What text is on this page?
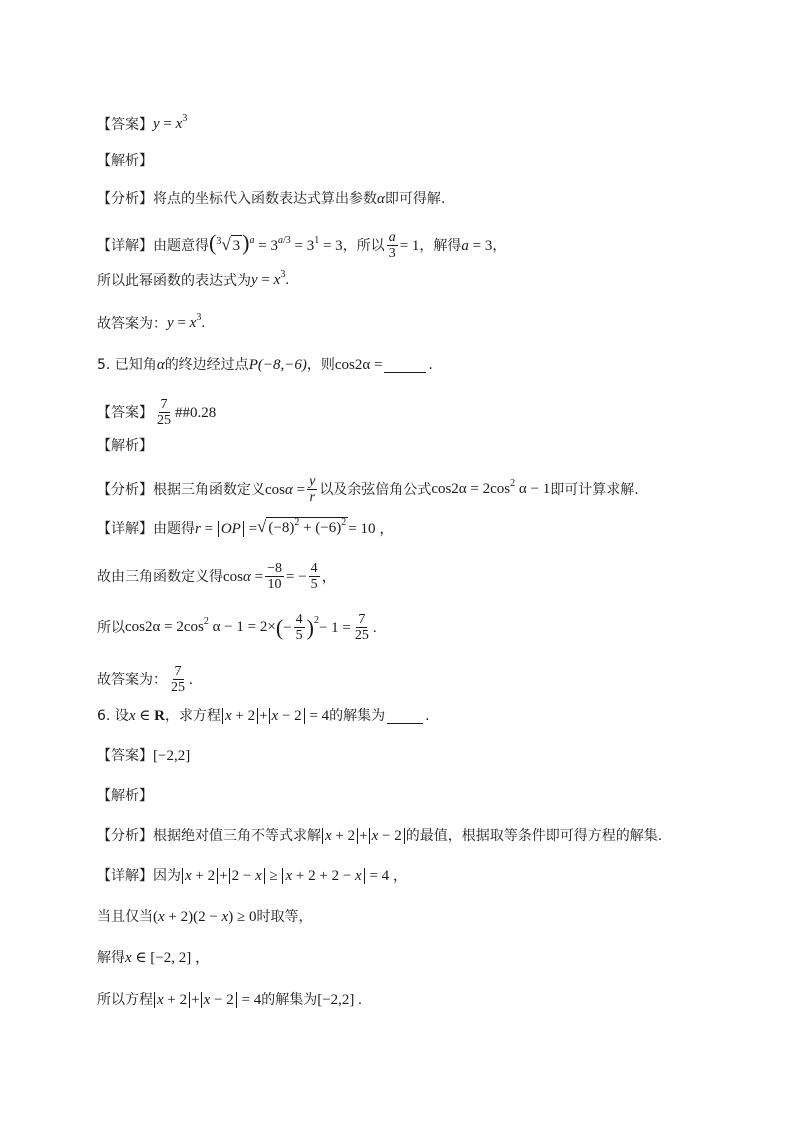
【答案】 $y = x^3$
【解析】
【分析】 将点的坐标代入函数表达式算出参数 α 即可得解.
【详解】 由题意得 ($^3$ √ 3 )$^a = 3^{a/3} = 3^1 = 3$ ，所以 $\frac{a}{3} = 1$ ，解得 a = 3 ，
所以此幂函数的表达式为 $y = x^3$.
故答案为： $y = x^3$.
5. 已知角 α 的终边经过点 P(−8,−6) ，则 cos2α =	.
【答案】 $\frac{7}{25}$ ##0.28
【解析】
【分析】 根据三角函数定义 $\cos\alpha = \frac{y}{r}$ 以及余弦倍角公式 $\cos 2\alpha = 2\cos^2$ α − 1 即可计算求解.
【详解】 由题得 r = OP = √ $(-8)^2 + (-6)^2 = 10$ ，
故由三角函数定义得 $\cos\alpha = \frac{-8}{10}$ = − $\frac{4}{5}$ ，
所以 $\cos 2\alpha = 2\cos^2$ α − 1 = 2× ( − $\frac{4}{5}$ ) $2 - 1 = \frac{7}{25}$ .
故答案为： $\frac{7}{25}$ .
6. 设 x ∈ R ，求方程 x + 2 + x − 2 = 4 的解集为	.
【答案】 [−2,2]
【解析】
【分析】 根据绝对值三角不等式求解 x + 2 + x − 2 的最值，根据取等条件即可得方程的解集.
【详解】 因为 x + 2 + 2 − x ≥ x + 2 + 2 − x = 4 ，
当且仅当 (x + 2)(2 − x) ≥ 0 时取等，
解得 x ∈ [−2, 2] ，
所以方程 x + 2 + x − 2 = 4 的解集为 [−2,2] .
